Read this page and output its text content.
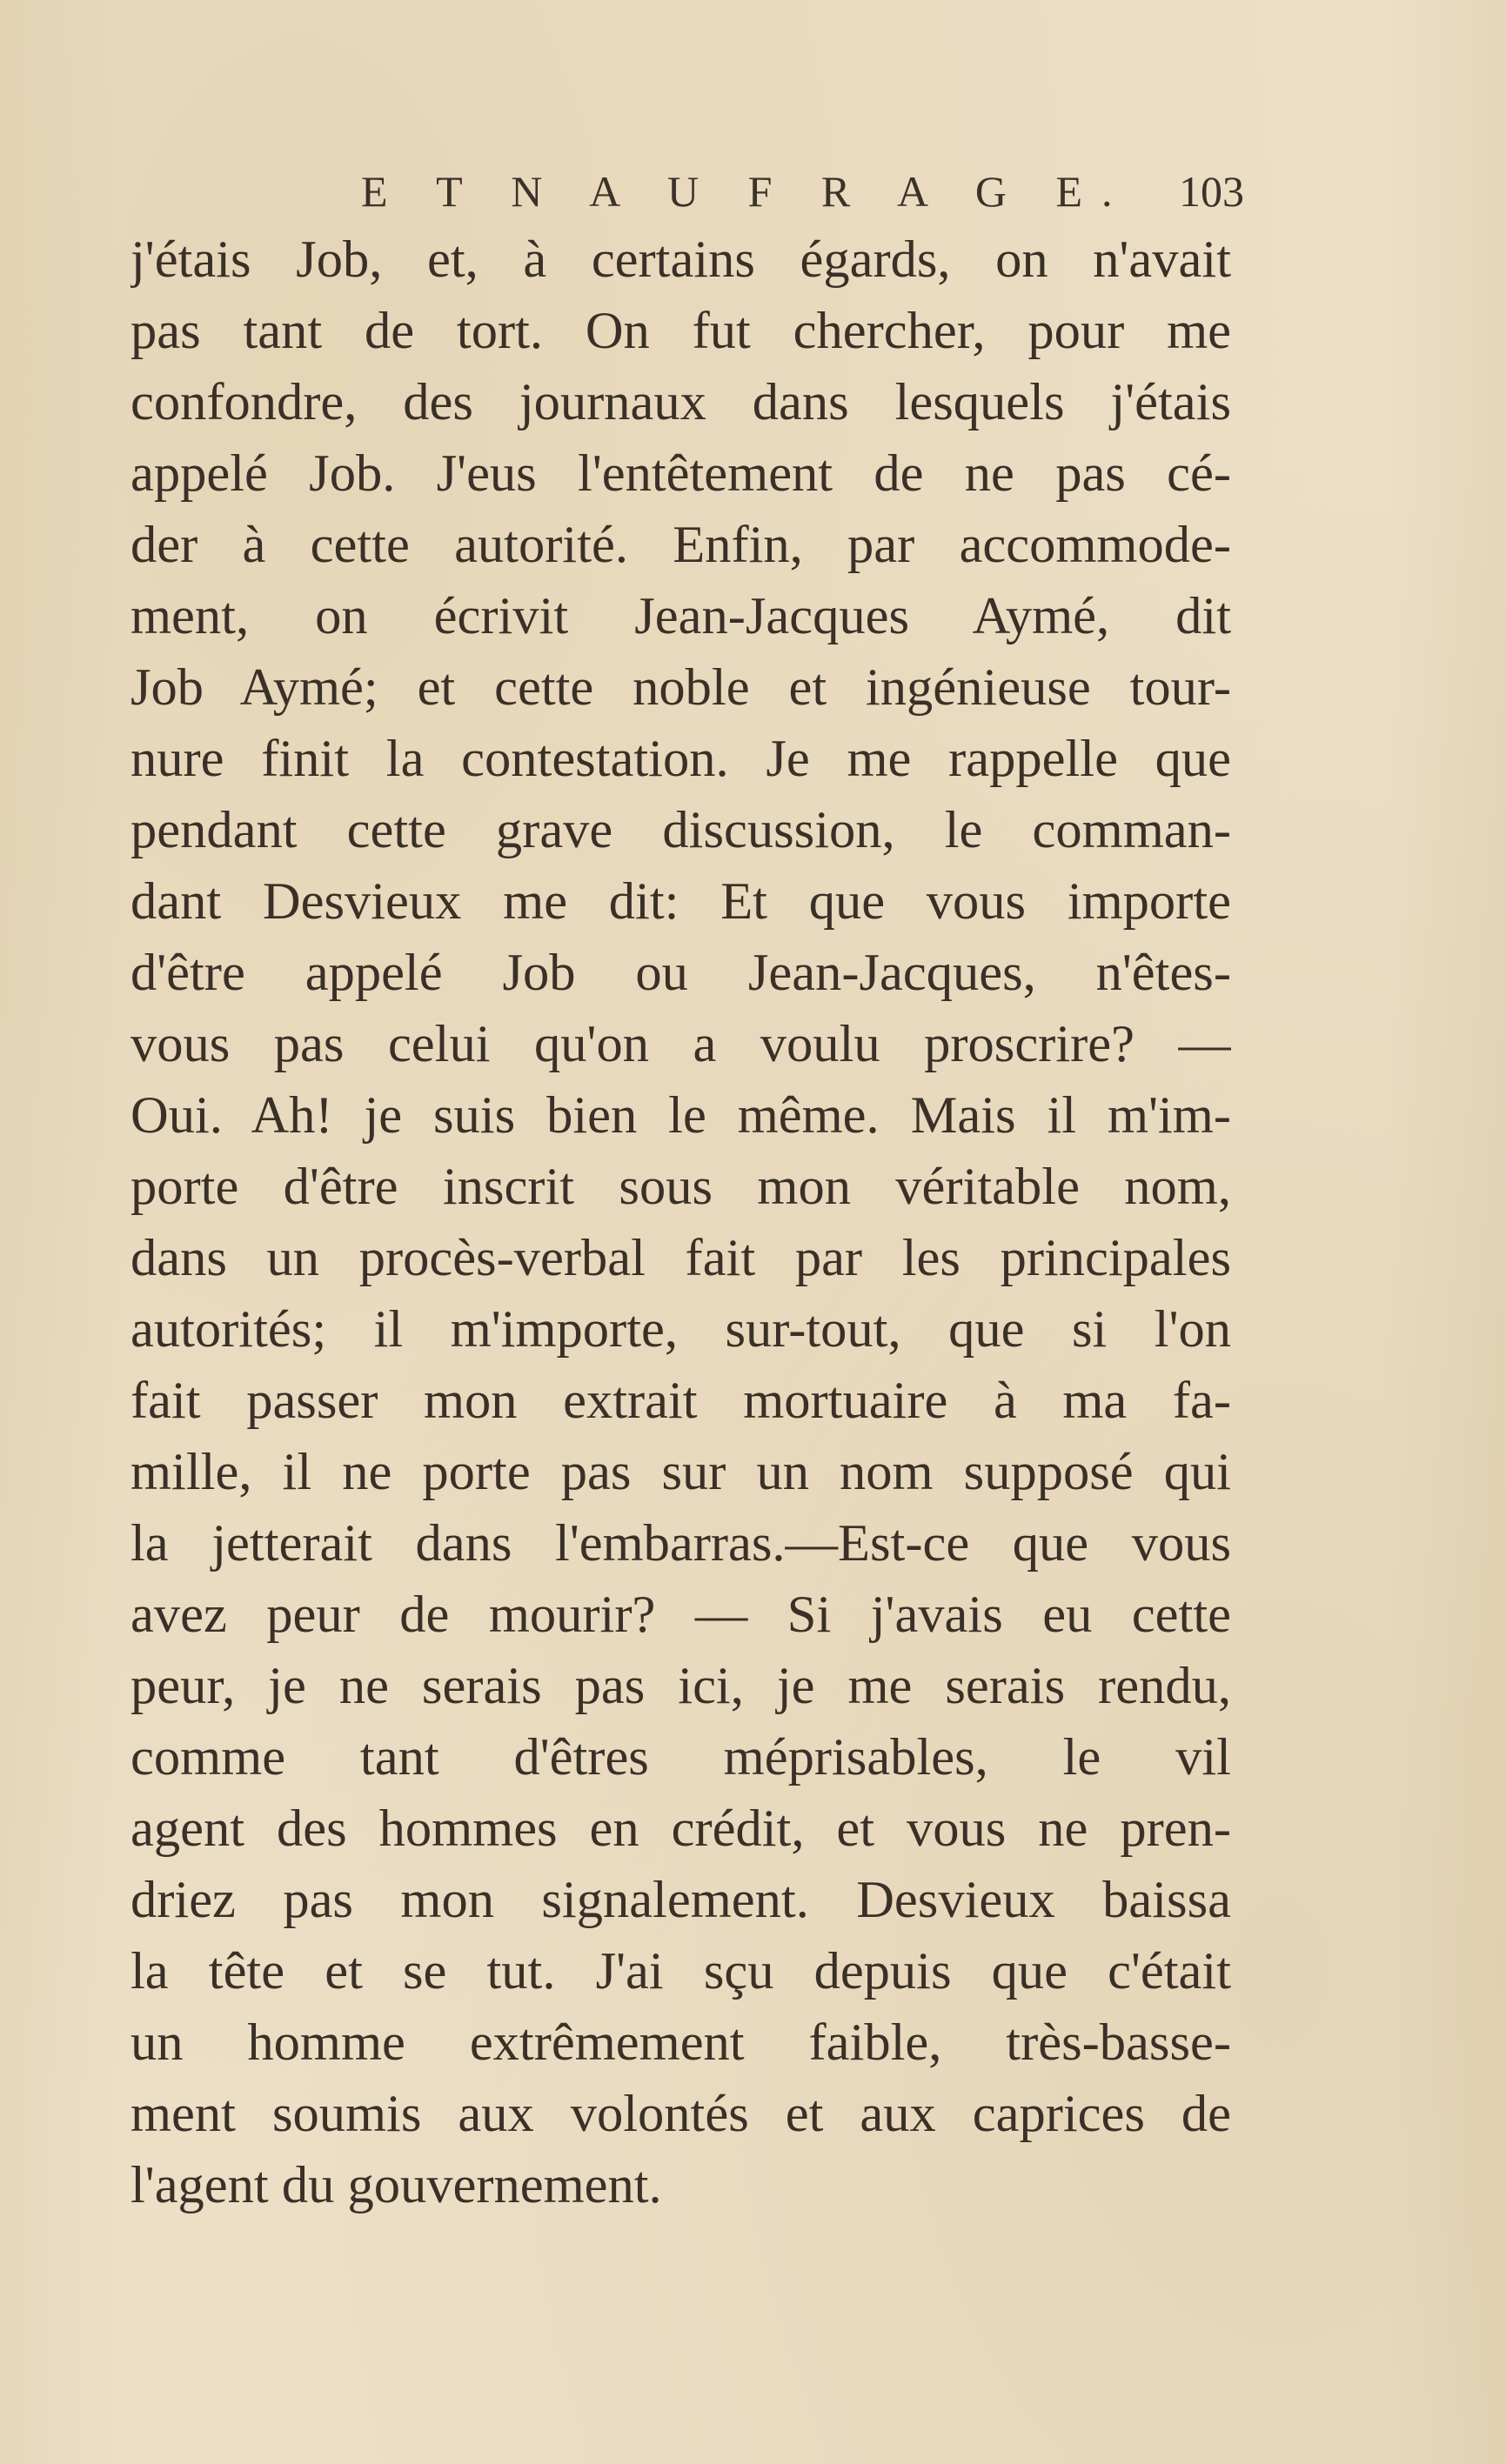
E T N A U F R A G E. 103
j'étais Job, et, à certains égards, on n'avait
pas tant de tort. On fut chercher, pour me
confondre, des journaux dans lesquels j'étais
appelé Job. J'eus l'entêtement de ne pas cé-
der à cette autorité. Enfin, par accommode-
ment, on écrivit Jean-Jacques Aymé, dit
Job Aymé; et cette noble et ingénieuse tour-
nure finit la contestation. Je me rappelle que
pendant cette grave discussion, le comman-
dant Desvieux me dit: Et que vous importe
d'être appelé Job ou Jean-Jacques, n'êtes-
vous pas celui qu'on a voulu proscrire? —
Oui. Ah! je suis bien le même. Mais il m'im-
porte d'être inscrit sous mon véritable nom,
dans un procès-verbal fait par les principales
autorités; il m'importe, sur-tout, que si l'on
fait passer mon extrait mortuaire à ma fa-
mille, il ne porte pas sur un nom supposé qui
la jetterait dans l'embarras.—Est-ce que vous
avez peur de mourir? — Si j'avais eu cette
peur, je ne serais pas ici, je me serais rendu,
comme tant d'êtres méprisables, le vil
agent des hommes en crédit, et vous ne pren-
driez pas mon signalement. Desvieux baissa
la tête et se tut. J'ai sçu depuis que c'était
un homme extrêmement faible, très-basse-
ment soumis aux volontés et aux caprices de
l'agent du gouvernement.
